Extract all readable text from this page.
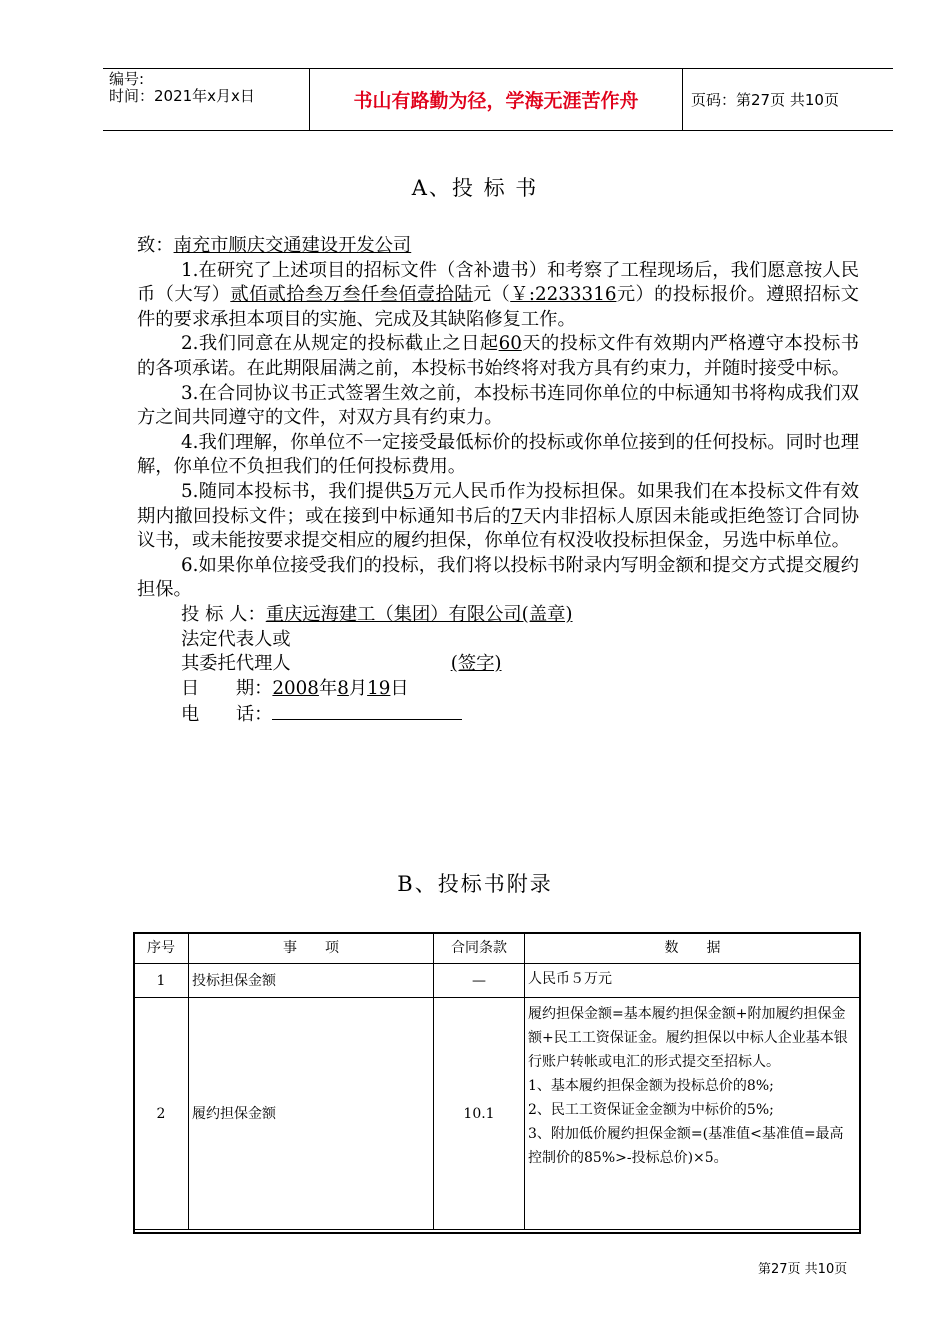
编号:
时间：2021年x月x日	书山有路勤为径，学海无涯苦作舟	页码：第27页 共10页
A、投 标 书

致：南充市顺庆交通建设开发公司

1.在研究了上述项目的招标文件（含补遗书）和考察了工程现场后，我们愿意按人民币（大写）贰佰贰拾叁万叁仟叁佰壹拾陆元（￥:2233316元）的投标报价。遵照招标文件的要求承担本项目的实施、完成及其缺陷修复工作。

2.我们同意在从规定的投标截止之日起60天的投标文件有效期内严格遵守本投标书的各项承诺。在此期限届满之前，本投标书始终将对我方具有约束力，并随时接受中标。

3.在合同协议书正式签署生效之前，本投标书连同你单位的中标通知书将构成我们双方之间共同遵守的文件，对双方具有约束力。

4.我们理解，你单位不一定接受最低标价的投标或你单位接到的任何投标。同时也理解，你单位不负担我们的任何投标费用。

5.随同本投标书，我们提供5万元人民币作为投标担保。如果我们在本投标文件有效期内撤回投标文件；或在接到中标通知书后的7天内非招标人原因未能或拒绝签订合同协议书，或未能按要求提交相应的履约担保，你单位有权没收投标担保金，另选中标单位。

6.如果你单位接受我们的投标，我们将以投标书附录内写明金额和提交方式提交履约担保。

投 标 人：重庆远海建工（集团）有限公司(盖章)

法定代表人或

其委托代理人	(签字)

日　　期：2008年8月19日

电　　话：

B、投标书附录
序号	事　　项	合同条款	数　　据
1	投标担保金额	—	人民币５万元
2	履约担保金额	10.1	履约担保金额=基本履约担保金额+附加履约担保金额+民工工资保证金。履约担保以中标人企业基本银行账户转帐或电汇的形式提交至招标人。
1、基本履约担保金额为投标总价的8%;
2、民工工资保证金金额为中标价的5%;
3、附加低价履约担保金额=(基准值<基准值=最高控制价的85%>-投标总价)×5。
第27页 共10页
